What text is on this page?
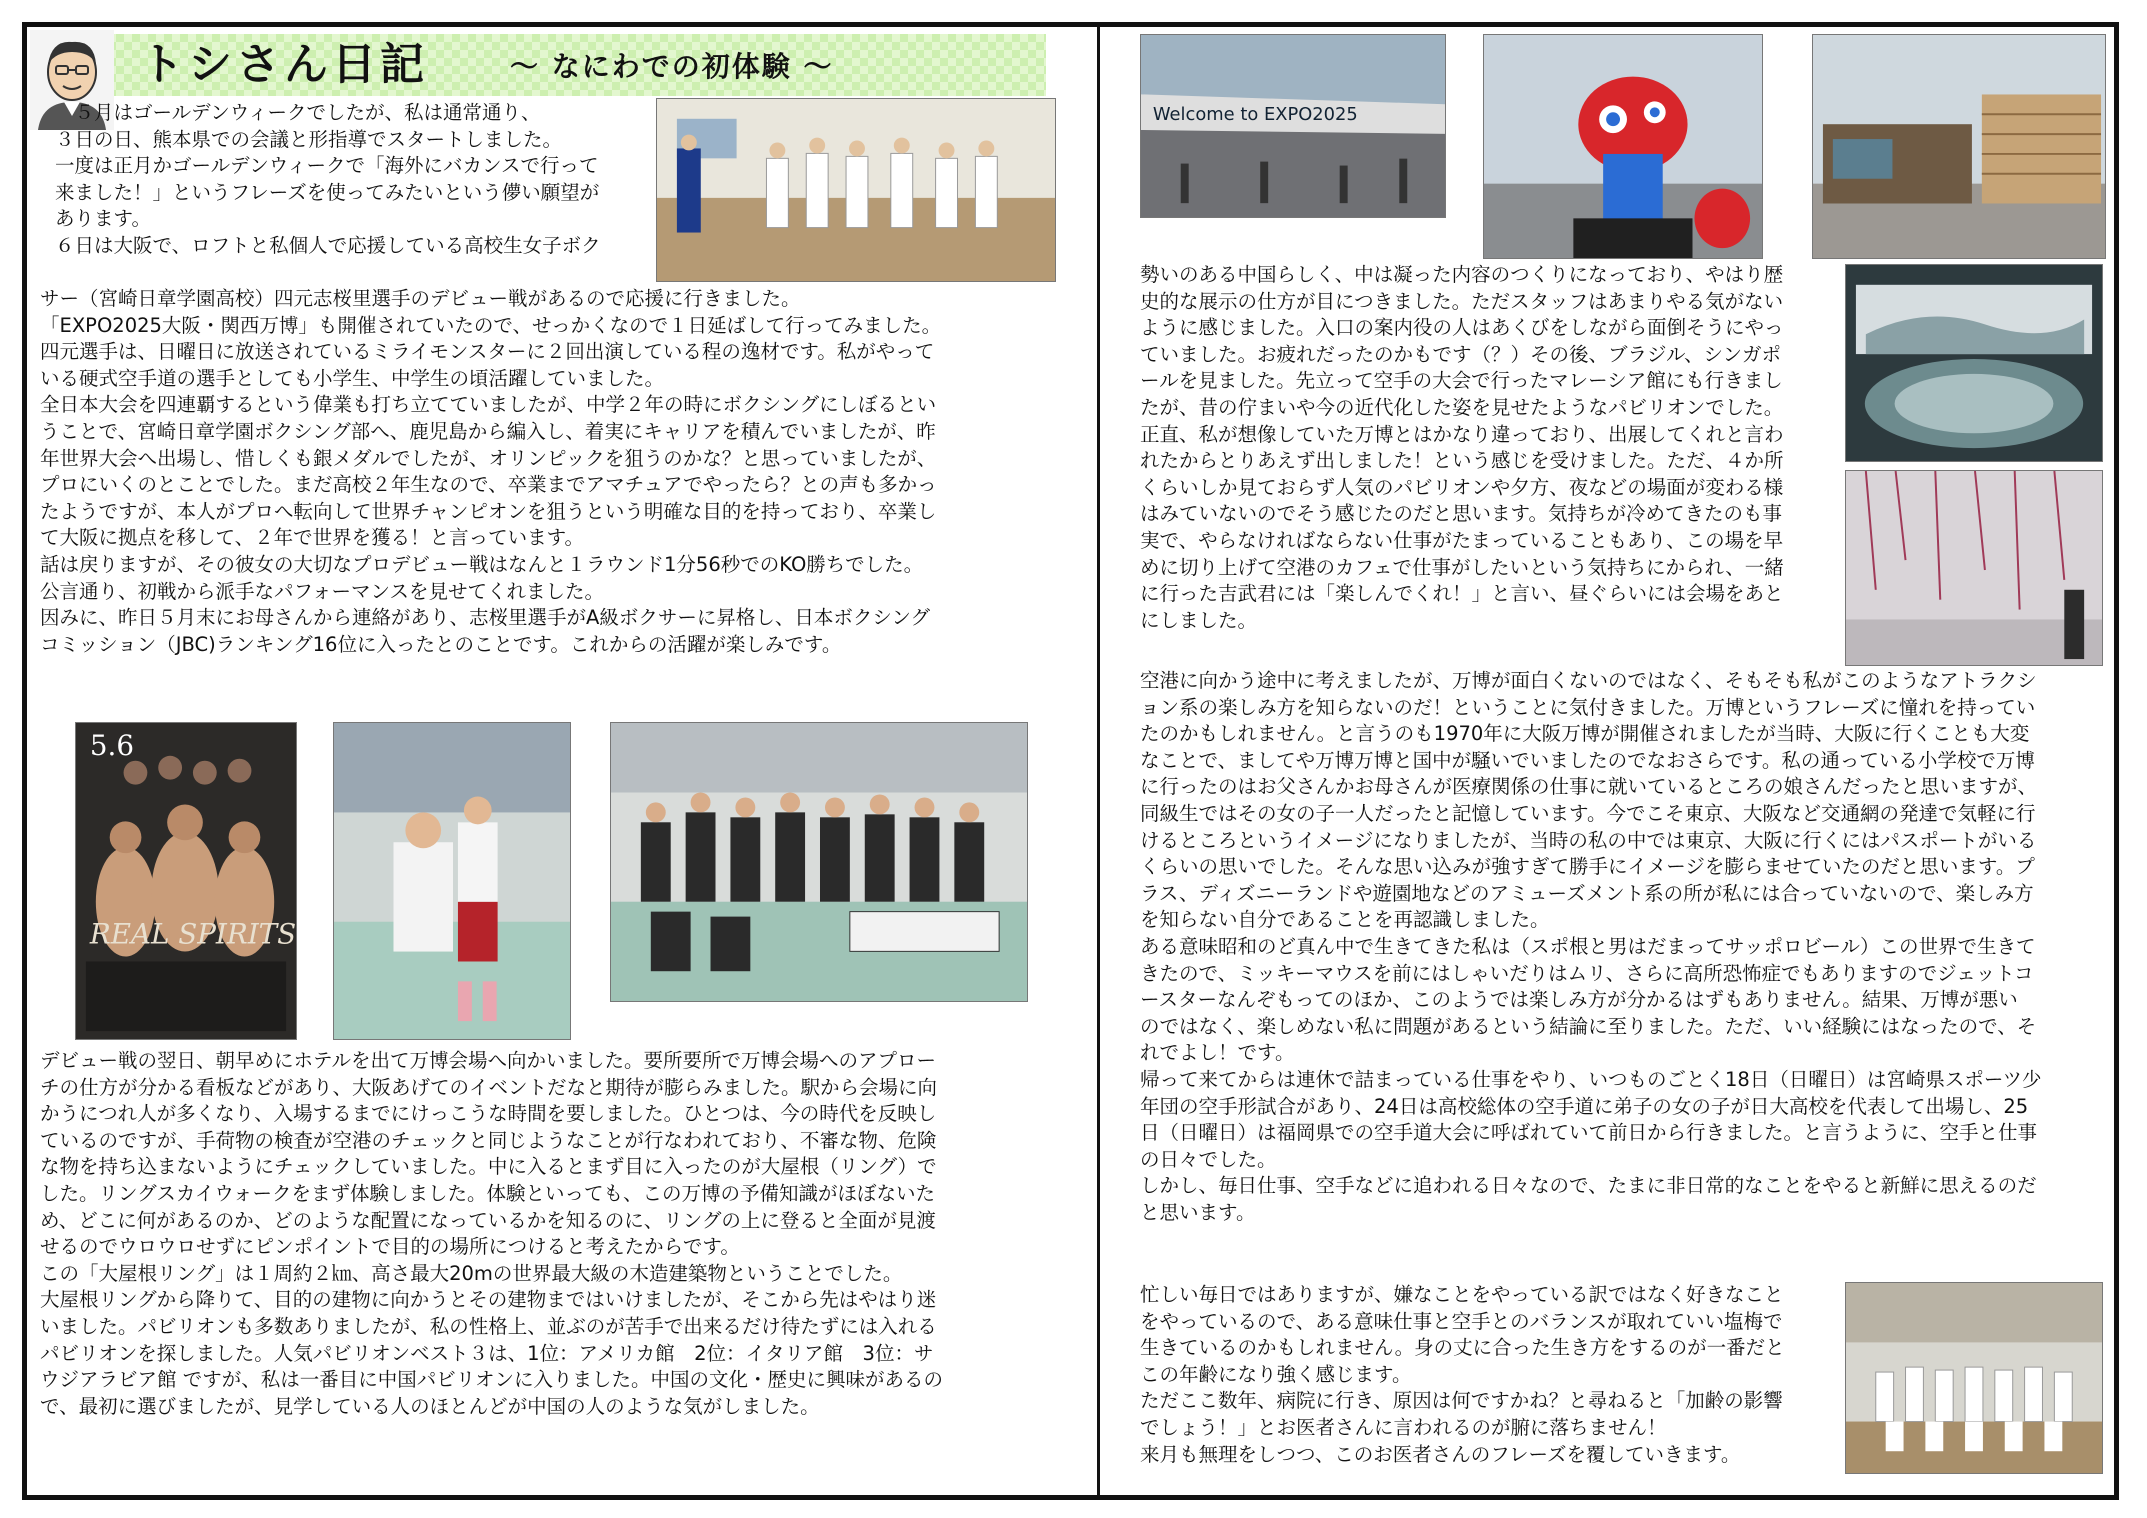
トシさん日記	～ なにわでの初体験 ～

　５月はゴールデンウィークでしたが、私は通常通り、

３日の日、熊本県での会議と形指導でスタートしました。

一度は正月かゴールデンウィークで「海外にバカンスで行って

来ました！」というフレーズを使ってみたいという儚い願望が

あります。

６日は大阪で、ロフトと私個人で応援している高校生女子ボク

サー（宮崎日章学園高校）四元志桜里選手のデビュー戦があるので応援に行きました。

「EXPO2025大阪・関西万博」も開催されていたので、せっかくなので１日延ばして行ってみました。

四元選手は、日曜日に放送されているミライモンスターに２回出演している程の逸材です。私がやって

いる硬式空手道の選手としても小学生、中学生の頃活躍していました。

全日本大会を四連覇するという偉業も打ち立てていましたが、中学２年の時にボクシングにしぼるとい

うことで、宮崎日章学園ボクシング部へ、鹿児島から編入し、着実にキャリアを積んでいましたが、昨

年世界大会へ出場し、惜しくも銀メダルでしたが、オリンピックを狙うのかな？と思っていましたが、

プロにいくのとことでした。まだ高校２年生なので、卒業までアマチュアでやったら？との声も多かっ

たようですが、本人がプロへ転向して世界チャンピオンを狙うという明確な目的を持っており、卒業し

て大阪に拠点を移して、２年で世界を獲る！と言っています。

話は戻りますが、その彼女の大切なプロデビュー戦はなんと１ラウンド1分56秒でのKO勝ちでした。

公言通り、初戦から派手なパフォーマンスを見せてくれました。

因みに、昨日５月末にお母さんから連絡があり、志桜里選手がA級ボクサーに昇格し、日本ボクシング

コミッション（JBC)ランキング16位に入ったとのことです。これからの活躍が楽しみです。

デビュー戦の翌日、朝早めにホテルを出て万博会場へ向かいました。要所要所で万博会場へのアプロー

チの仕方が分かる看板などがあり、大阪あげてのイベントだなと期待が膨らみました。駅から会場に向

かうにつれ人が多くなり、入場するまでにけっこうな時間を要しました。ひとつは、今の時代を反映し

ているのですが、手荷物の検査が空港のチェックと同じようなことが行なわれており、不審な物、危険

な物を持ち込まないようにチェックしていました。中に入るとまず目に入ったのが大屋根（リング）で

した。リングスカイウォークをまず体験しました。体験といっても、この万博の予備知識がほぼないた

め、どこに何があるのか、どのような配置になっているかを知るのに、リングの上に登ると全面が見渡

せるのでウロウロせずにピンポイントで目的の場所につけると考えたからです。

この「大屋根リング」は１周約２㎞、高さ最大20mの世界最大級の木造建築物ということでした。

大屋根リングから降りて、目的の建物に向かうとその建物まではいけましたが、そこから先はやはり迷

いました。パビリオンも多数ありましたが、私の性格上、並ぶのが苦手で出来るだけ待たずには入れる

パビリオンを探しました。人気パビリオンベスト３は、1位：アメリカ館　2位：イタリア館　3位：サ

ウジアラビア館 ですが、私は一番目に中国パビリオンに入りました。中国の文化・歴史に興味があるの

で、最初に選びましたが、見学している人のほとんどが中国の人のような気がしました。

勢いのある中国らしく、中は凝った内容のつくりになっており、やはり歴

史的な展示の仕方が目につきました。ただスタッフはあまりやる気がない

ように感じました。入口の案内役の人はあくびをしながら面倒そうにやっ

ていました。お疲れだったのかもです（？）その後、ブラジル、シンガポ

ールを見ました。先立って空手の大会で行ったマレーシア館にも行きまし

たが、昔の佇まいや今の近代化した姿を見せたようなパビリオンでした。

正直、私が想像していた万博とはかなり違っており、出展してくれと言わ

れたからとりあえず出しました！という感じを受けました。ただ、４か所

くらいしか見ておらず人気のパビリオンや夕方、夜などの場面が変わる様

はみていないのでそう感じたのだと思います。気持ちが冷めてきたのも事

実で、やらなければならない仕事がたまっていることもあり、この場を早

めに切り上げて空港のカフェで仕事がしたいという気持ちにかられ、一緒

に行った吉武君には「楽しんでくれ！」と言い、昼ぐらいには会場をあと

にしました。

空港に向かう途中に考えましたが、万博が面白くないのではなく、そもそも私がこのようなアトラクシ

ョン系の楽しみ方を知らないのだ！ということに気付きました。万博というフレーズに憧れを持ってい

たのかもしれません。と言うのも1970年に大阪万博が開催されましたが当時、大阪に行くことも大変

なことで、ましてや万博万博と国中が騒いでいましたのでなおさらです。私の通っている小学校で万博

に行ったのはお父さんかお母さんが医療関係の仕事に就いているところの娘さんだったと思いますが、

同級生ではその女の子一人だったと記憶しています。今でこそ東京、大阪など交通網の発達で気軽に行

けるところというイメージになりましたが、当時の私の中では東京、大阪に行くにはパスポートがいる

くらいの思いでした。そんな思い込みが強すぎて勝手にイメージを膨らませていたのだと思います。プ

ラス、ディズニーランドや遊園地などのアミューズメント系の所が私には合っていないので、楽しみ方

を知らない自分であることを再認識しました。

ある意味昭和のど真ん中で生きてきた私は（スポ根と男はだまってサッポロビール）この世界で生きて

きたので、ミッキーマウスを前にはしゃいだりはムリ、さらに高所恐怖症でもありますのでジェットコ

ースターなんぞもってのほか、このようでは楽しみ方が分かるはずもありません。結果、万博が悪い

のではなく、楽しめない私に問題があるという結論に至りました。ただ、いい経験にはなったので、そ

れでよし！です。

帰って来てからは連休で詰まっている仕事をやり、いつものごとく18日（日曜日）は宮崎県スポーツ少

年団の空手形試合があり、24日は高校総体の空手道に弟子の女の子が日大高校を代表して出場し、25

日（日曜日）は福岡県での空手道大会に呼ばれていて前日から行きました。と言うように、空手と仕事

の日々でした。

しかし、毎日仕事、空手などに追われる日々なので、たまに非日常的なことをやると新鮮に思えるのだ

と思います。

忙しい毎日ではありますが、嫌なことをやっている訳ではなく好きなこと

をやっているので、ある意味仕事と空手とのバランスが取れていい塩梅で

生きているのかもしれません。身の丈に合った生き方をするのが一番だと

この年齢になり強く感じます。

ただここ数年、病院に行き、原因は何ですかね？と尋ねると「加齢の影響

でしょう！」とお医者さんに言われるのが腑に落ちません！

来月も無理をしつつ、このお医者さんのフレーズを覆していきます。

5.6
REAL SPIRITS
Welcome to EXPO2025
